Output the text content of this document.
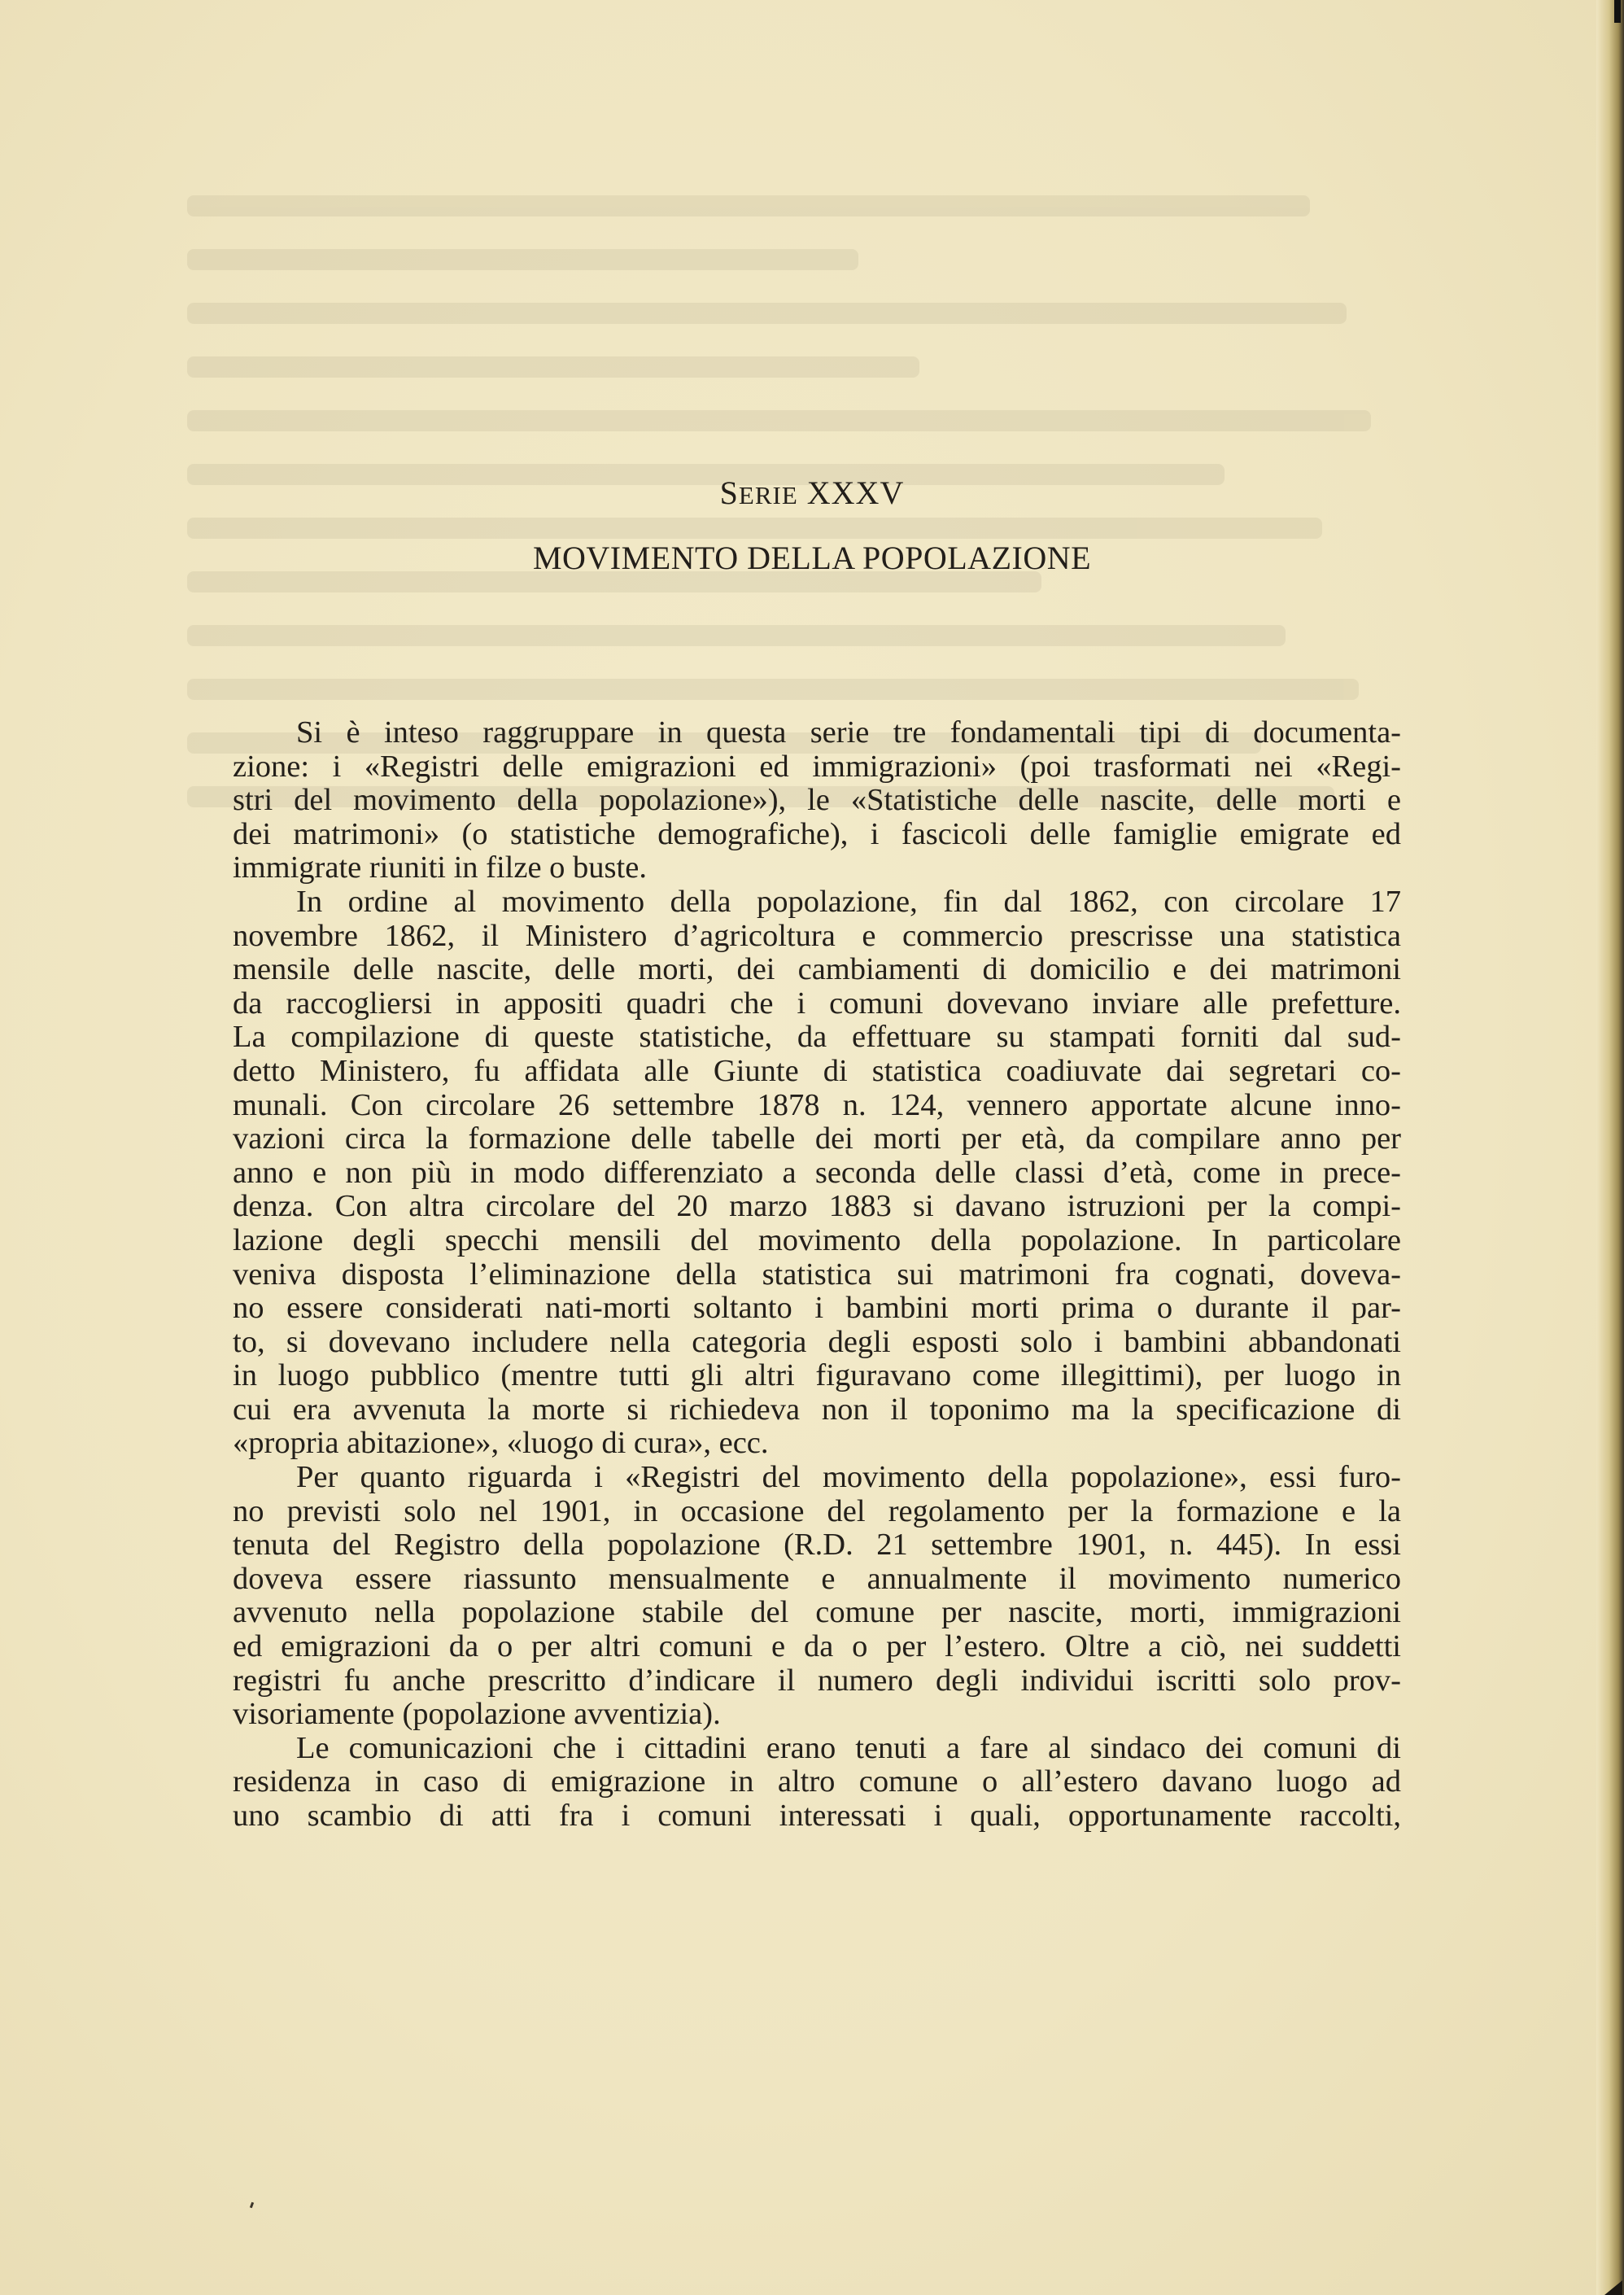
SERIE XXXV
MOVIMENTO DELLA POPOLAZIONE
Si è inteso raggruppare in questa serie tre fondamentali tipi di documenta-
zione: i «Registri delle emigrazioni ed immigrazioni» (poi trasformati nei «Regi-
stri del movimento della popolazione»), le «Statistiche delle nascite, delle morti e
dei matrimoni» (o statistiche demografiche), i fascicoli delle famiglie emigrate ed
immigrate riuniti in filze o buste.
In ordine al movimento della popolazione, fin dal 1862, con circolare 17
novembre 1862, il Ministero d’agricoltura e commercio prescrisse una statistica
mensile delle nascite, delle morti, dei cambiamenti di domicilio e dei matrimoni
da raccogliersi in appositi quadri che i comuni dovevano inviare alle prefetture.
La compilazione di queste statistiche, da effettuare su stampati forniti dal sud-
detto Ministero, fu affidata alle Giunte di statistica coadiuvate dai segretari co-
munali. Con circolare 26 settembre 1878 n. 124, vennero apportate alcune inno-
vazioni circa la formazione delle tabelle dei morti per età, da compilare anno per
anno e non più in modo differenziato a seconda delle classi d’età, come in prece-
denza. Con altra circolare del 20 marzo 1883 si davano istruzioni per la compi-
lazione degli specchi mensili del movimento della popolazione. In particolare
veniva disposta l’eliminazione della statistica sui matrimoni fra cognati, doveva-
no essere considerati nati-morti soltanto i bambini morti prima o durante il par-
to, si dovevano includere nella categoria degli esposti solo i bambini abbandonati
in luogo pubblico (mentre tutti gli altri figuravano come illegittimi), per luogo in
cui era avvenuta la morte si richiedeva non il toponimo ma la specificazione di
«propria abitazione», «luogo di cura», ecc.
Per quanto riguarda i «Registri del movimento della popolazione», essi furo-
no previsti solo nel 1901, in occasione del regolamento per la formazione e la
tenuta del Registro della popolazione (R.D. 21 settembre 1901, n. 445). In essi
doveva essere riassunto mensualmente e annualmente il movimento numerico
avvenuto nella popolazione stabile del comune per nascite, morti, immigrazioni
ed emigrazioni da o per altri comuni e da o per l’estero. Oltre a ciò, nei suddetti
registri fu anche prescritto d’indicare il numero degli individui iscritti solo prov-
visoriamente (popolazione avventizia).
Le comunicazioni che i cittadini erano tenuti a fare al sindaco dei comuni di
residenza in caso di emigrazione in altro comune o all’estero davano luogo ad
uno scambio di atti fra i comuni interessati i quali, opportunamente raccolti,
